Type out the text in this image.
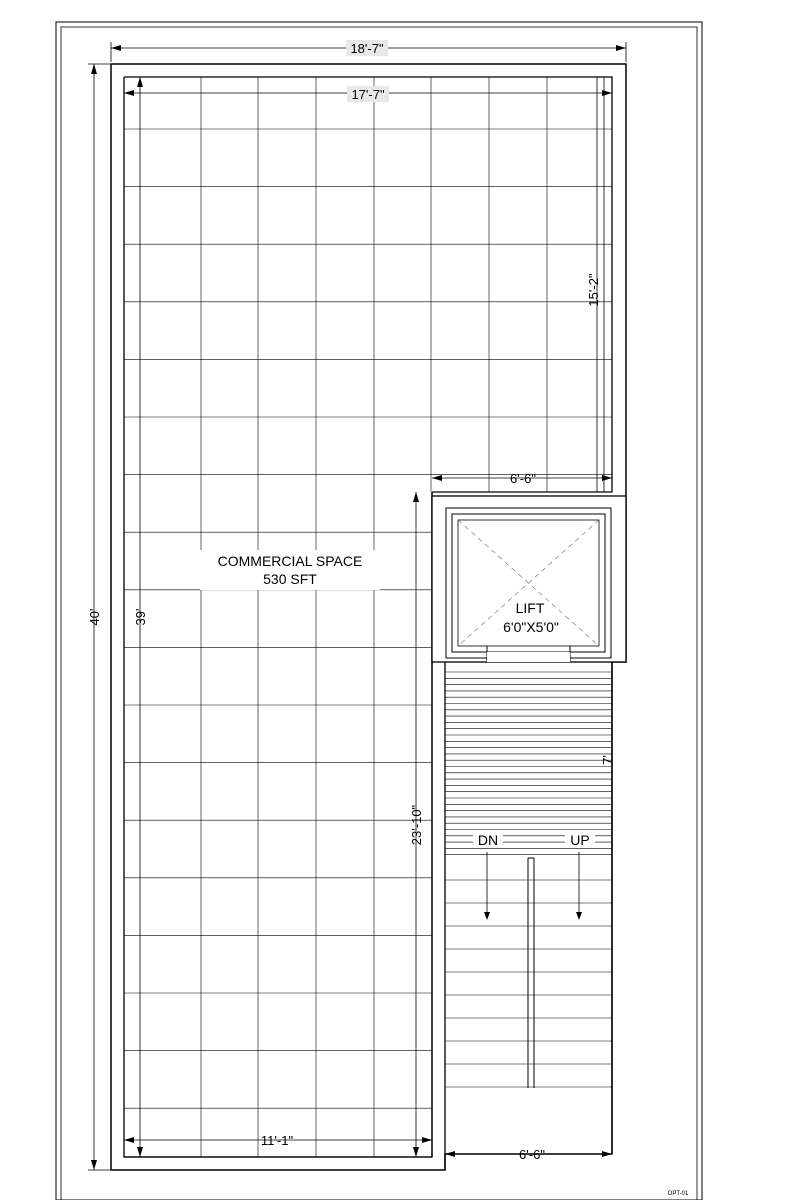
18'-7"
17'-7"
40' 39'
15'-2"
6'-6"
11'-1"
23'-10"
6'-6"
7'
COMMERCIAL SPACE
530 SFT
LIFT
6'0"X5'0"
DN	UP
OPT-01
